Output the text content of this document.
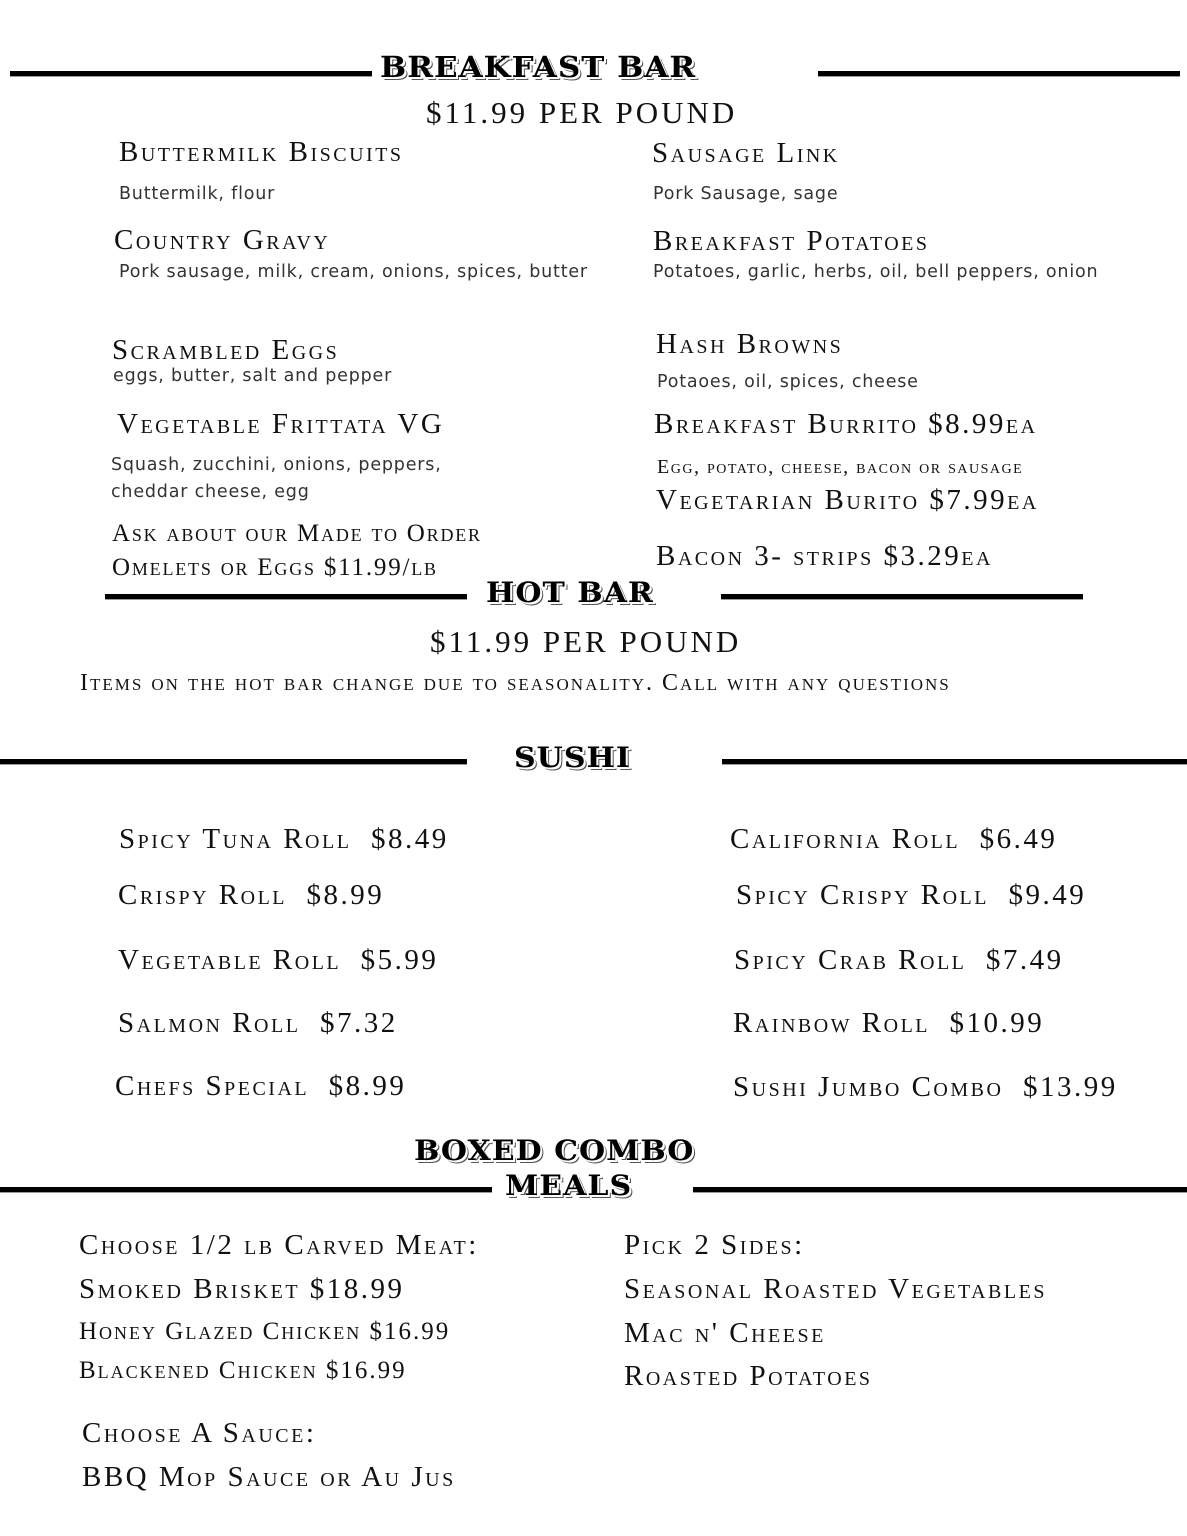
BREAKFAST BAR
$11.99 PER POUND
Buttermilk Biscuits
Buttermilk, flour
Country Gravy
Pork sausage, milk, cream, onions, spices, butter
Scrambled Eggs
eggs, butter, salt and pepper
Vegetable Frittata VG
Squash, zucchini, onions, peppers, cheddar cheese, egg
Ask about our Made to Order
Omelets or Eggs $11.99/lb
Sausage Link
Pork Sausage, sage
Breakfast Potatoes
Potatoes, garlic, herbs, oil, bell peppers, onion
Hash Browns
Potaoes, oil, spices, cheese
Breakfast Burrito $8.99ea
Egg, potato, cheese, bacon or sausage
Vegetarian Burito $7.99ea
Bacon 3- strips $3.29ea
HOT BAR
$11.99 PER POUND
Items on the hot bar change due to seasonality. Call with any questions
SUSHI
Spicy Tuna Roll $8.49
Crispy Roll $8.99
Vegetable Roll $5.99
Salmon Roll $7.32
Chefs Special $8.99
California Roll $6.49
Spicy Crispy Roll $9.49
Spicy Crab Roll $7.49
Rainbow Roll $10.99
Sushi Jumbo Combo $13.99
BOXED COMBO
MEALS
Choose 1/2 lb Carved Meat:
Smoked Brisket $18.99
Honey Glazed Chicken $16.99
Blackened Chicken $16.99
Choose A Sauce:
BBQ Mop Sauce or Au Jus
Pick 2 Sides:
Seasonal Roasted Vegetables
Mac n' Cheese
Roasted Potatoes
